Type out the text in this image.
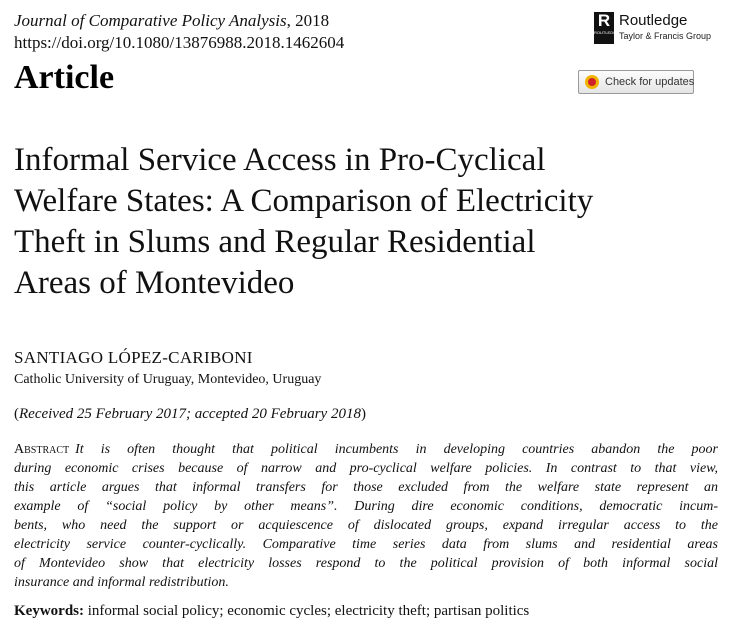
Journal of Comparative Policy Analysis, 2018
https://doi.org/10.1080/13876988.2018.1462604
Article
R
ROUTLEDGE
Routledge
Taylor & Francis Group
Check for updates
Informal Service Access in Pro-Cyclical
Welfare States: A Comparison of Electricity
Theft in Slums and Regular Residential
Areas of Montevideo
SANTIAGO LÓPEZ-CARIBONI
Catholic University of Uruguay, Montevideo, Uruguay
(Received 25 February 2017; accepted 20 February 2018)
Abstract It is often thought that political incumbents in developing countries abandon the poor
during economic crises because of narrow and pro-cyclical welfare policies. In contrast to that view,
this article argues that informal transfers for those excluded from the welfare state represent an
example of “social policy by other means”. During dire economic conditions, democratic incum-
bents, who need the support or acquiescence of dislocated groups, expand irregular access to the
electricity service counter-cyclically. Comparative time series data from slums and residential areas
of Montevideo show that electricity losses respond to the political provision of both informal social
insurance and informal redistribution.
Keywords: informal social policy; economic cycles; electricity theft; partisan politics
